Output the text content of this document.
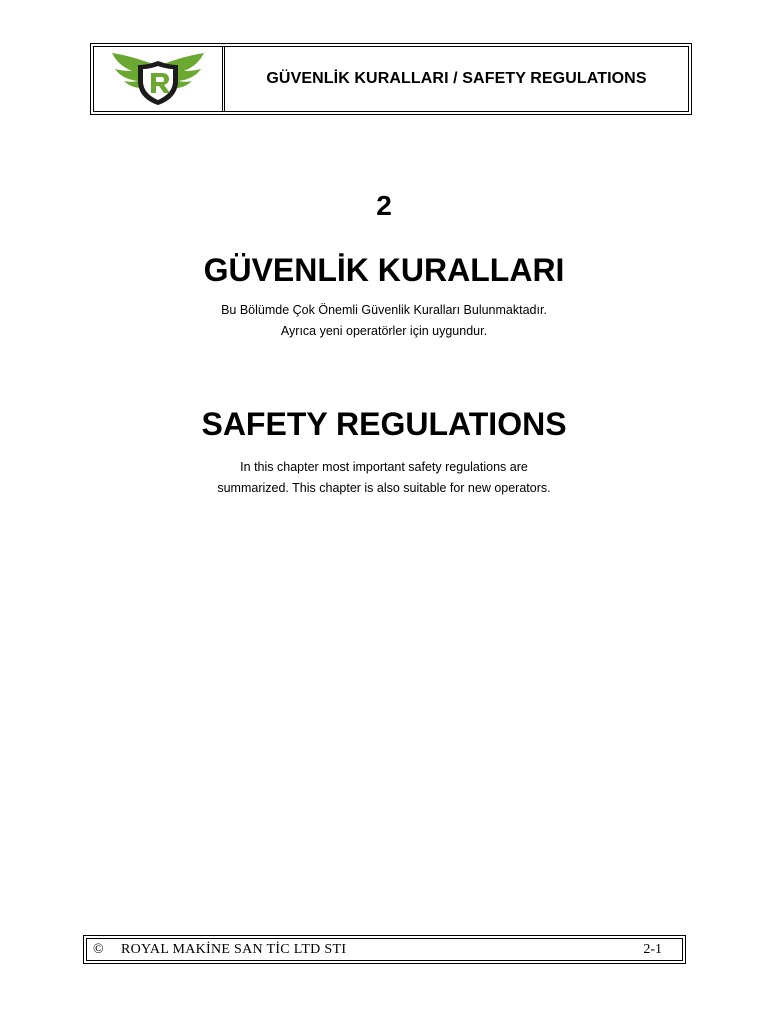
GÜVENLİK KURALLARI / SAFETY REGULATIONS
2
GÜVENLİK KURALLARI
Bu Bölümde Çok Önemli Güvenlik Kuralları Bulunmaktadır.
Ayrıca yeni operatörler için uygundur.
SAFETY REGULATIONS
In this chapter most important safety regulations are
summarized. This chapter is also suitable for new operators.
©	ROYAL MAKİNE SAN TİC LTD STI	2-1
